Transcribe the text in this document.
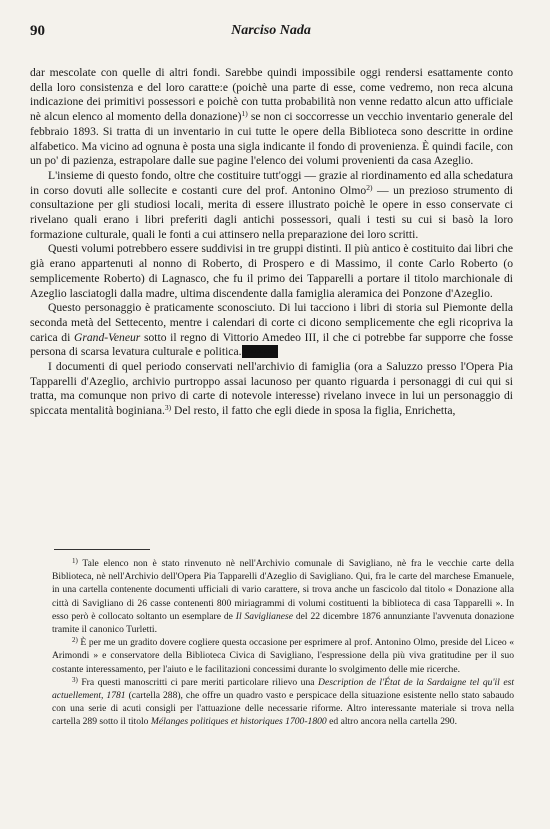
90	Narciso Nada

dar mescolate con quelle di altri fondi. Sarebbe quindi impossibile oggi rendersi esattamente conto della loro consistenza e del loro caratte:e (poichè una parte di esse, come vedremo, non reca alcuna indicazione dei primitivi possessori e poichè con tutta probabilità non venne redatto alcun atto ufficiale nè alcun elenco al momento della donazione)$^{1)}$ se non ci soccorresse un vecchio inventario generale del febbraio 1893. Si tratta di un inventario in cui tutte le opere della Biblioteca sono descritte in ordine alfabetico. Ma vicino ad ognuna è posta una sigla indicante il fondo di provenienza. È quindi facile, con un po' di pazienza, estrapolare dalle sue pagine l'elenco dei volumi provenienti da casa Azeglio.

L'insieme di questo fondo, oltre che costituire tutt'oggi — grazie al riordinamento ed alla schedatura in corso dovuti alle sollecite e costanti cure del prof. Antonino Olmo$^{2)}$ — un prezioso strumento di consultazione per gli studiosi locali, merita di essere illustrato poichè le opere in esso conservate ci rivelano quali erano i libri preferiti dagli antichi possessori, quali i testi su cui si basò la loro formazione culturale, quali le fonti a cui attinsero nella preparazione dei loro scritti.

Questi volumi potrebbero essere suddivisi in tre gruppi distinti. Il più antico è costituito dai libri che già erano appartenuti al nonno di Roberto, di Prospero e di Massimo, il conte Carlo Roberto (o semplicemente Roberto) di Lagnasco, che fu il primo dei Tapparelli a portare il titolo marchionale di Azeglio lasciatogli dalla madre, ultima discendente dalla famiglia aleramica dei Ponzone d'Azeglio.

Questo personaggio è praticamente sconosciuto. Di lui tacciono i libri di storia sul Piemonte della seconda metà del Settecento, mentre i calendari di corte ci dicono semplicemente che egli ricopriva la carica di Grand-Veneur sotto il regno di Vittorio Amedeo III, il che ci potrebbe far supporre che fosse persona di scarsa levatura culturale e politica. ▪▪▪▪▪▪▪▪

I documenti di quel periodo conservati nell'archivio di famiglia (ora a Saluzzo presso l'Opera Pia Tapparelli d'Azeglio, archivio purtroppo assai lacunoso per quanto riguarda i personaggi di cui qui si tratta, ma comunque non privo di carte di notevole interesse) rivelano invece in lui un personaggio di spiccata mentalità boginiana.$^{3)}$ Del resto, il fatto che egli diede in sposa la figlia, Enrichetta,

$^{1)}$ Tale elenco non è stato rinvenuto nè nell'Archivio comunale di Savigliano, nè fra le vecchie carte della Biblioteca, nè nell'Archivio dell'Opera Pia Tapparelli d'Azeglio di Savigliano. Qui, fra le carte del marchese Emanuele, in una cartella contenente documenti ufficiali di vario carattere, si trova anche un fascicolo dal titolo « Donazione alla città di Savigliano di 26 casse contenenti 800 miriagrammi di volumi costituenti la biblioteca di casa Tapparelli ». In esso però è collocato soltanto un esemplare de Il Saviglianese del 22 dicembre 1876 annunziante l'avvenuta donazione tramite il canonico Turletti.

$^{2)}$ È per me un gradito dovere cogliere questa occasione per esprimere al prof. Antonino Olmo, preside del Liceo « Arimondi » e conservatore della Biblioteca Civica di Savigliano, l'espressione della più viva gratitudine per il suo costante interessamento, per l'aiuto e le facilitazioni concessimi durante lo svolgimento delle mie ricerche.

$^{3)}$ Fra questi manoscritti ci pare meriti particolare rilievo una Description de l'État de la Sardaigne tel qu'il est actuellement, 1781 (cartella 288), che offre un quadro vasto e perspicace della situazione esistente nello stato sabaudo con una serie di acuti consigli per l'attuazione delle necessarie riforme. Altro interessante materiale si trova nella cartella 289 sotto il titolo Mélanges politiques et historiques 1700-1800 ed altro ancora nella cartella 290.
